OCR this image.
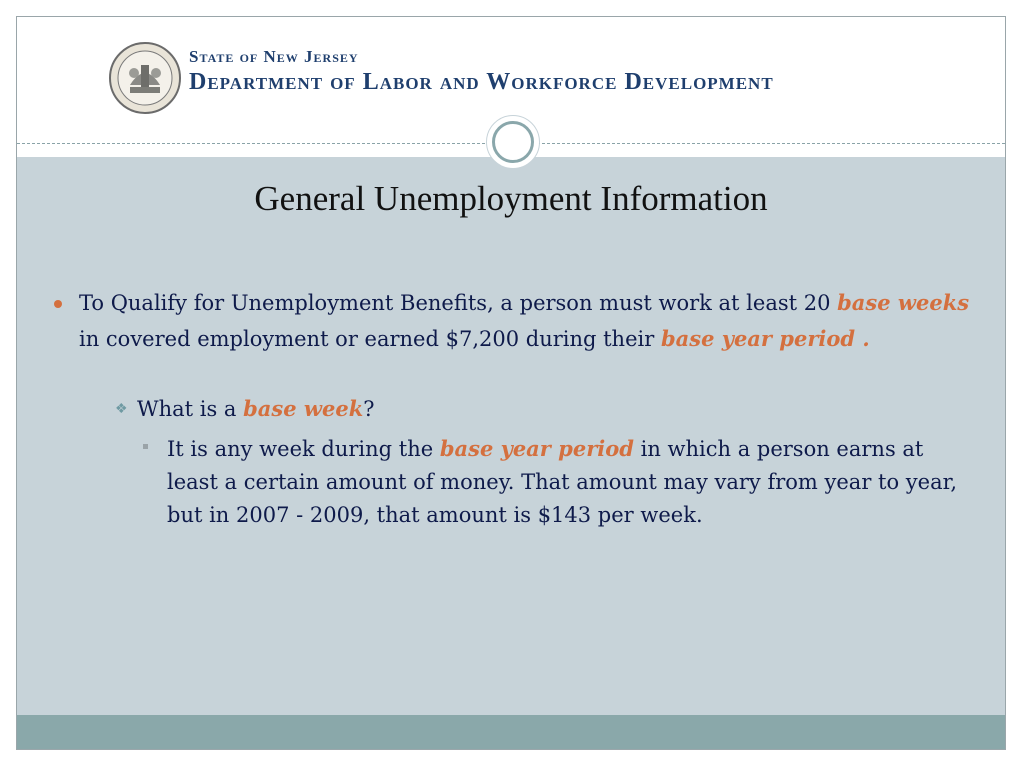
State of New Jersey
Department of Labor and Workforce Development
General Unemployment Information
To Qualify for Unemployment Benefits, a person must work at least 20 base weeks in covered employment or earned $7,200 during their base year period .
❖ What is a base week?
It is any week during the base year period in which a person earns at least a certain amount of money. That amount may vary from year to year, but in 2007 - 2009, that amount is $143 per week.
